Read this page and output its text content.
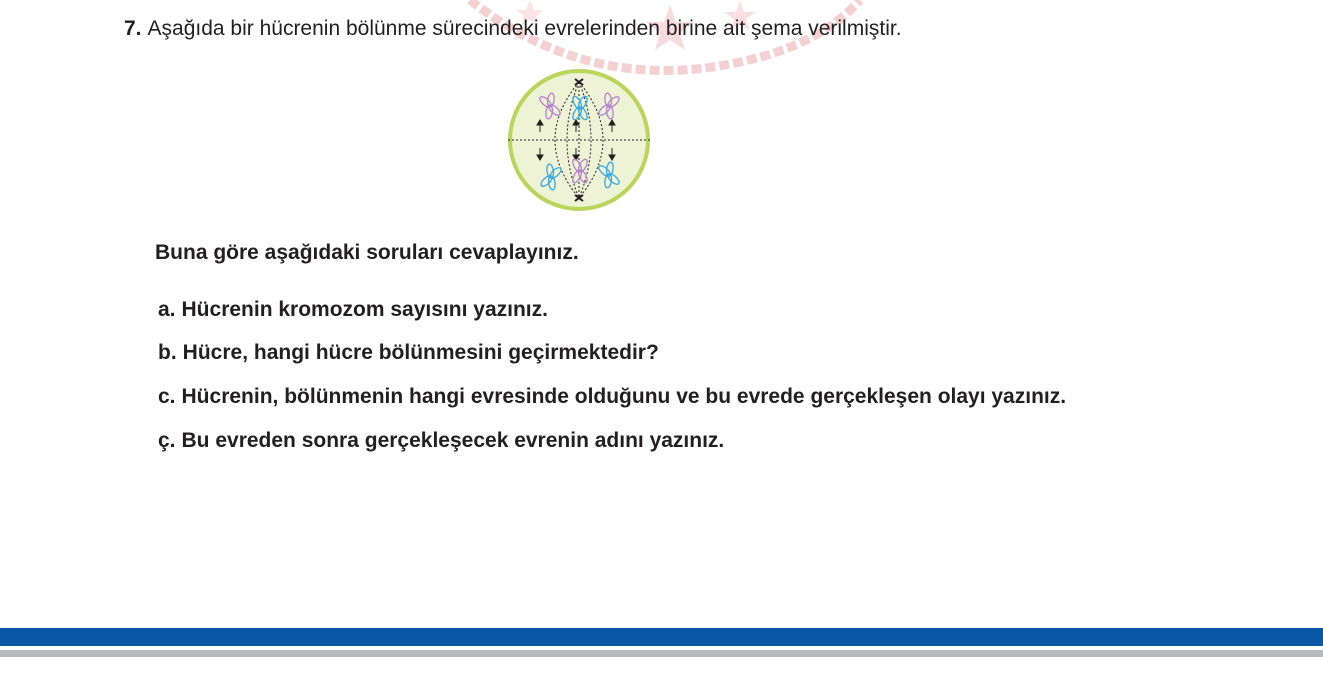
7. Aşağıda bir hücrenin bölünme sürecindeki evrelerinden birine ait şema verilmiştir.
Buna göre aşağıdaki soruları cevaplayınız.
a. Hücrenin kromozom sayısını yazınız.
b. Hücre, hangi hücre bölünmesini geçirmektedir?
c. Hücrenin, bölünmenin hangi evresinde olduğunu ve bu evrede gerçekleşen olayı yazınız.
ç. Bu evreden sonra gerçekleşecek evrenin adını yazınız.
